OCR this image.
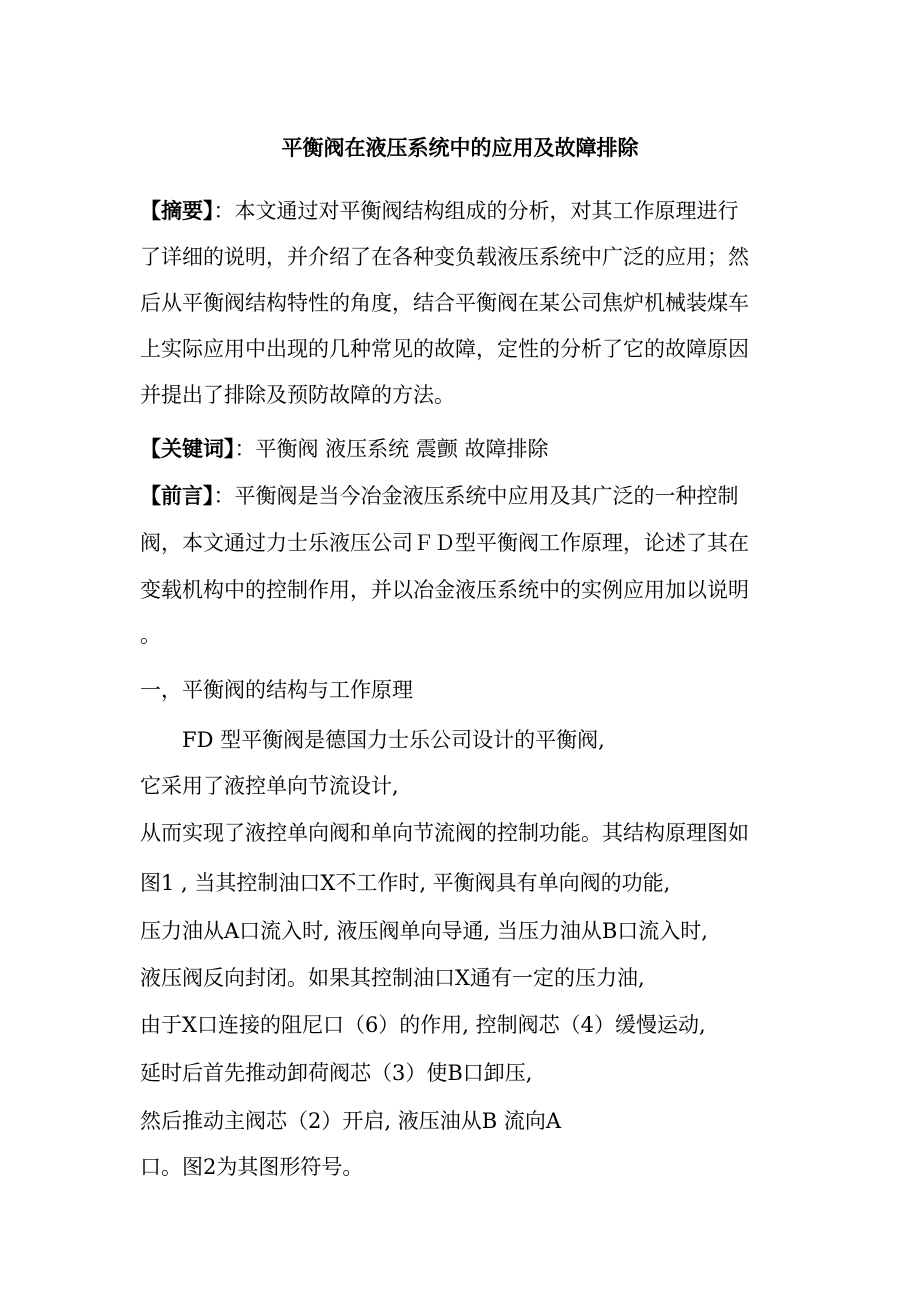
平衡阀在液压系统中的应用及故障排除
【摘要】：本文通过对平衡阀结构组成的分析，对其工作原理进行
了详细的说明，并介绍了在各种变负载液压系统中广泛的应用；然
后从平衡阀结构特性的角度，结合平衡阀在某公司焦炉机械装煤车
上实际应用中出现的几种常见的故障，定性的分析了它的故障原因
并提出了排除及预防故障的方法。
【关键词】：平衡阀 液压系统 震颤 故障排除
【前言】：平衡阀是当今冶金液压系统中应用及其广泛的一种控制
阀，本文通过力士乐液压公司ＦＤ型平衡阀工作原理，论述了其在
变载机构中的控制作用，并以冶金液压系统中的实例应用加以说明
。
一，平衡阀的结构与工作原理
FD 型平衡阀是德国力士乐公司设计的平衡阀,
它采用了液控单向节流设计,
从而实现了液控单向阀和单向节流阀的控制功能。其结构原理图如
图1 , 当其控制油口X不工作时, 平衡阀具有单向阀的功能,
压力油从A口流入时, 液压阀单向导通, 当压力油从B口流入时,
液压阀反向封闭。如果其控制油口X通有一定的压力油,
由于X口连接的阻尼口（6）的作用, 控制阀芯（4）缓慢运动,
延时后首先推动卸荷阀芯（3）使B口卸压,
然后推动主阀芯（2）开启, 液压油从B 流向A
口。图2为其图形符号。
